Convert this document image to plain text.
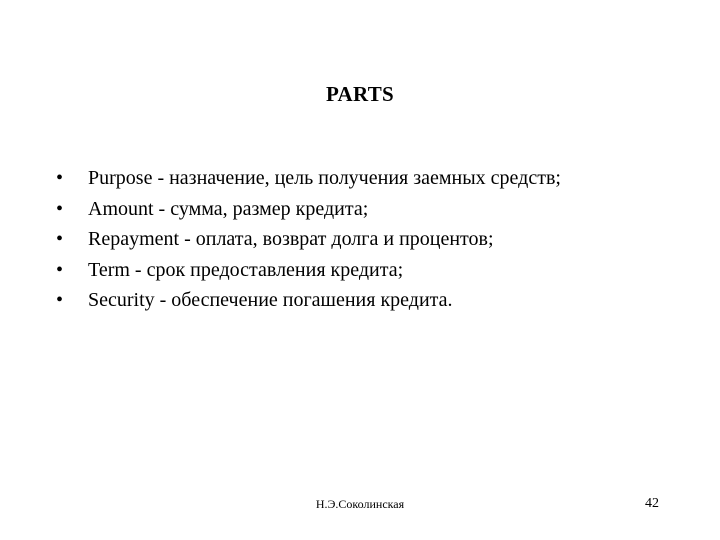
PARTS
•	Purpose - назначение, цель получения заемных средств;
•	Amount - сумма, размер кредита;
•	Repayment - оплата, возврат долга и процентов;
•	Term - срок предоставления кредита;
•	Security - обеспечение погашения кредита.
Н.Э.Соколинская	42
